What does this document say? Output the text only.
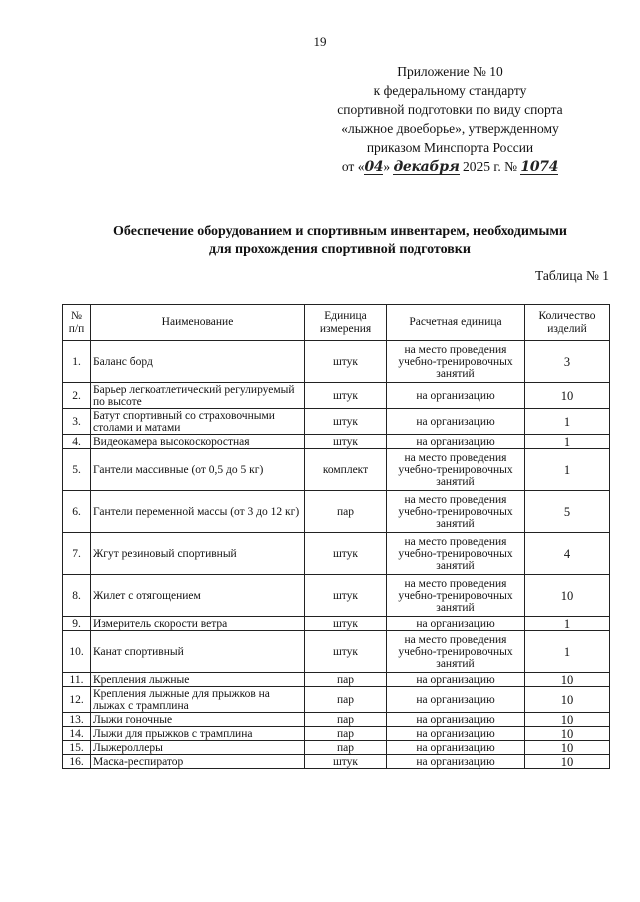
19
Приложение № 10
к федеральному стандарту
спортивной подготовки по виду спорта
«лыжное двоеборье», утвержденному
приказом Минспорта России
от «04» декабря 2025 г. № 1074
Обеспечение оборудованием и спортивным инвентарем, необходимыми
для прохождения спортивной подготовки
Таблица № 1
№ п/п	Наименование	Единица измерения	Расчетная единица	Количество изделий
1.	Баланс борд	штук	на место проведения учебно-тренировочных занятий	3
2.	Барьер легкоатлетический регулируемый по высоте	штук	на организацию	10
3.	Батут спортивный со страховочными столами и матами	штук	на организацию	1
4.	Видеокамера высокоскоростная	штук	на организацию	1
5.	Гантели массивные (от 0,5 до 5 кг)	комплект	на место проведения учебно-тренировочных занятий	1
6.	Гантели переменной массы (от 3 до 12 кг)	пар	на место проведения учебно-тренировочных занятий	5
7.	Жгут резиновый спортивный	штук	на место проведения учебно-тренировочных занятий	4
8.	Жилет с отягощением	штук	на место проведения учебно-тренировочных занятий	10
9.	Измеритель скорости ветра	штук	на организацию	1
10.	Канат спортивный	штук	на место проведения учебно-тренировочных занятий	1
11.	Крепления лыжные	пар	на организацию	10
12.	Крепления лыжные для прыжков на лыжах с трамплина	пар	на организацию	10
13.	Лыжи гоночные	пар	на организацию	10
14.	Лыжи для прыжков с трамплина	пар	на организацию	10
15.	Лыжероллеры	пар	на организацию	10
16.	Маска-респиратор	штук	на организацию	10
